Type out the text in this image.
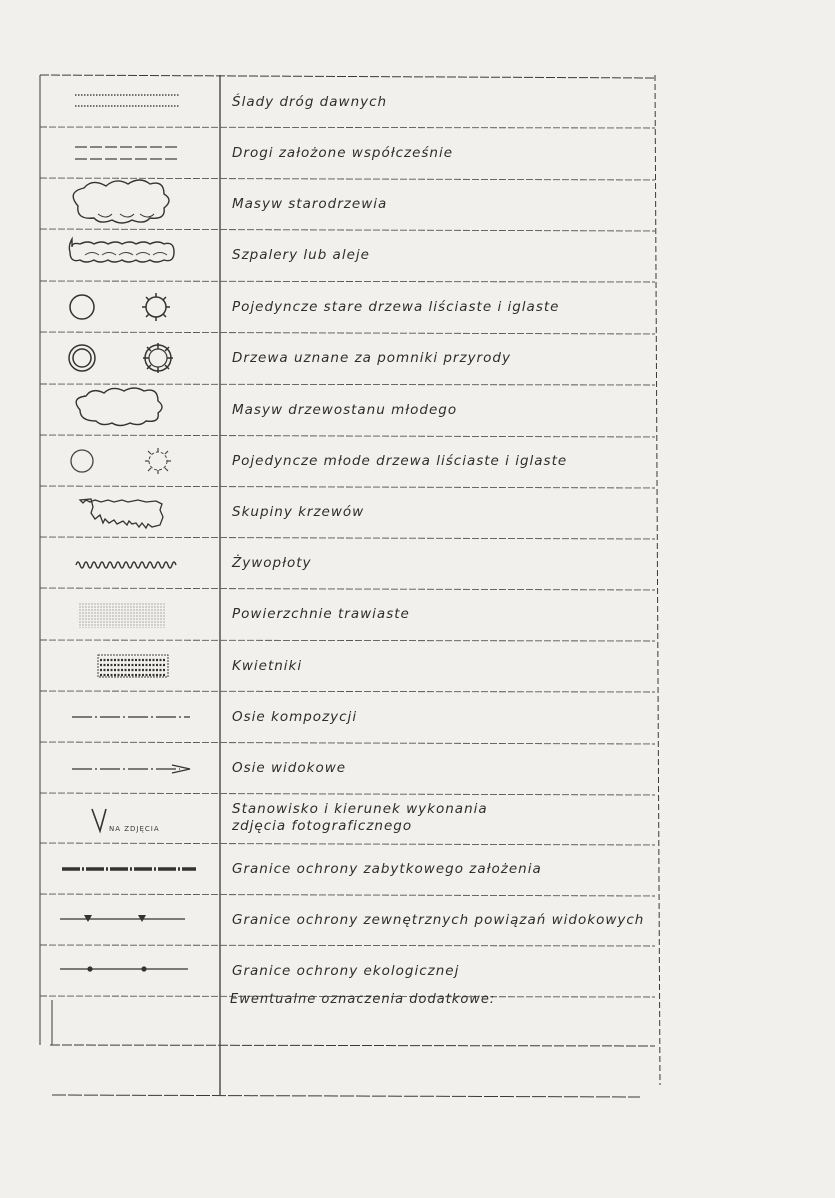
Ślady dróg dawnych
Drogi założone współcześnie
Masyw starodrzewia
Szpalery lub aleje
Pojedyncze stare drzewa liściaste i iglaste
Drzewa uznane za pomniki przyrody
Masyw drzewostanu młodego
Pojedyncze młode drzewa liściaste i iglaste
Skupiny krzewów
Żywopłoty
Powierzchnie trawiaste
Kwietniki
Osie kompozycji
Osie widokowe
NA ZDJĘCIA
Stanowisko i kierunek wykonania
zdjęcia fotograficznego
Granice ochrony zabytkowego założenia
Granice ochrony zewnętrznych powiązań widokowych
Granice ochrony ekologicznej
Ewentualne oznaczenia dodatkowe:
